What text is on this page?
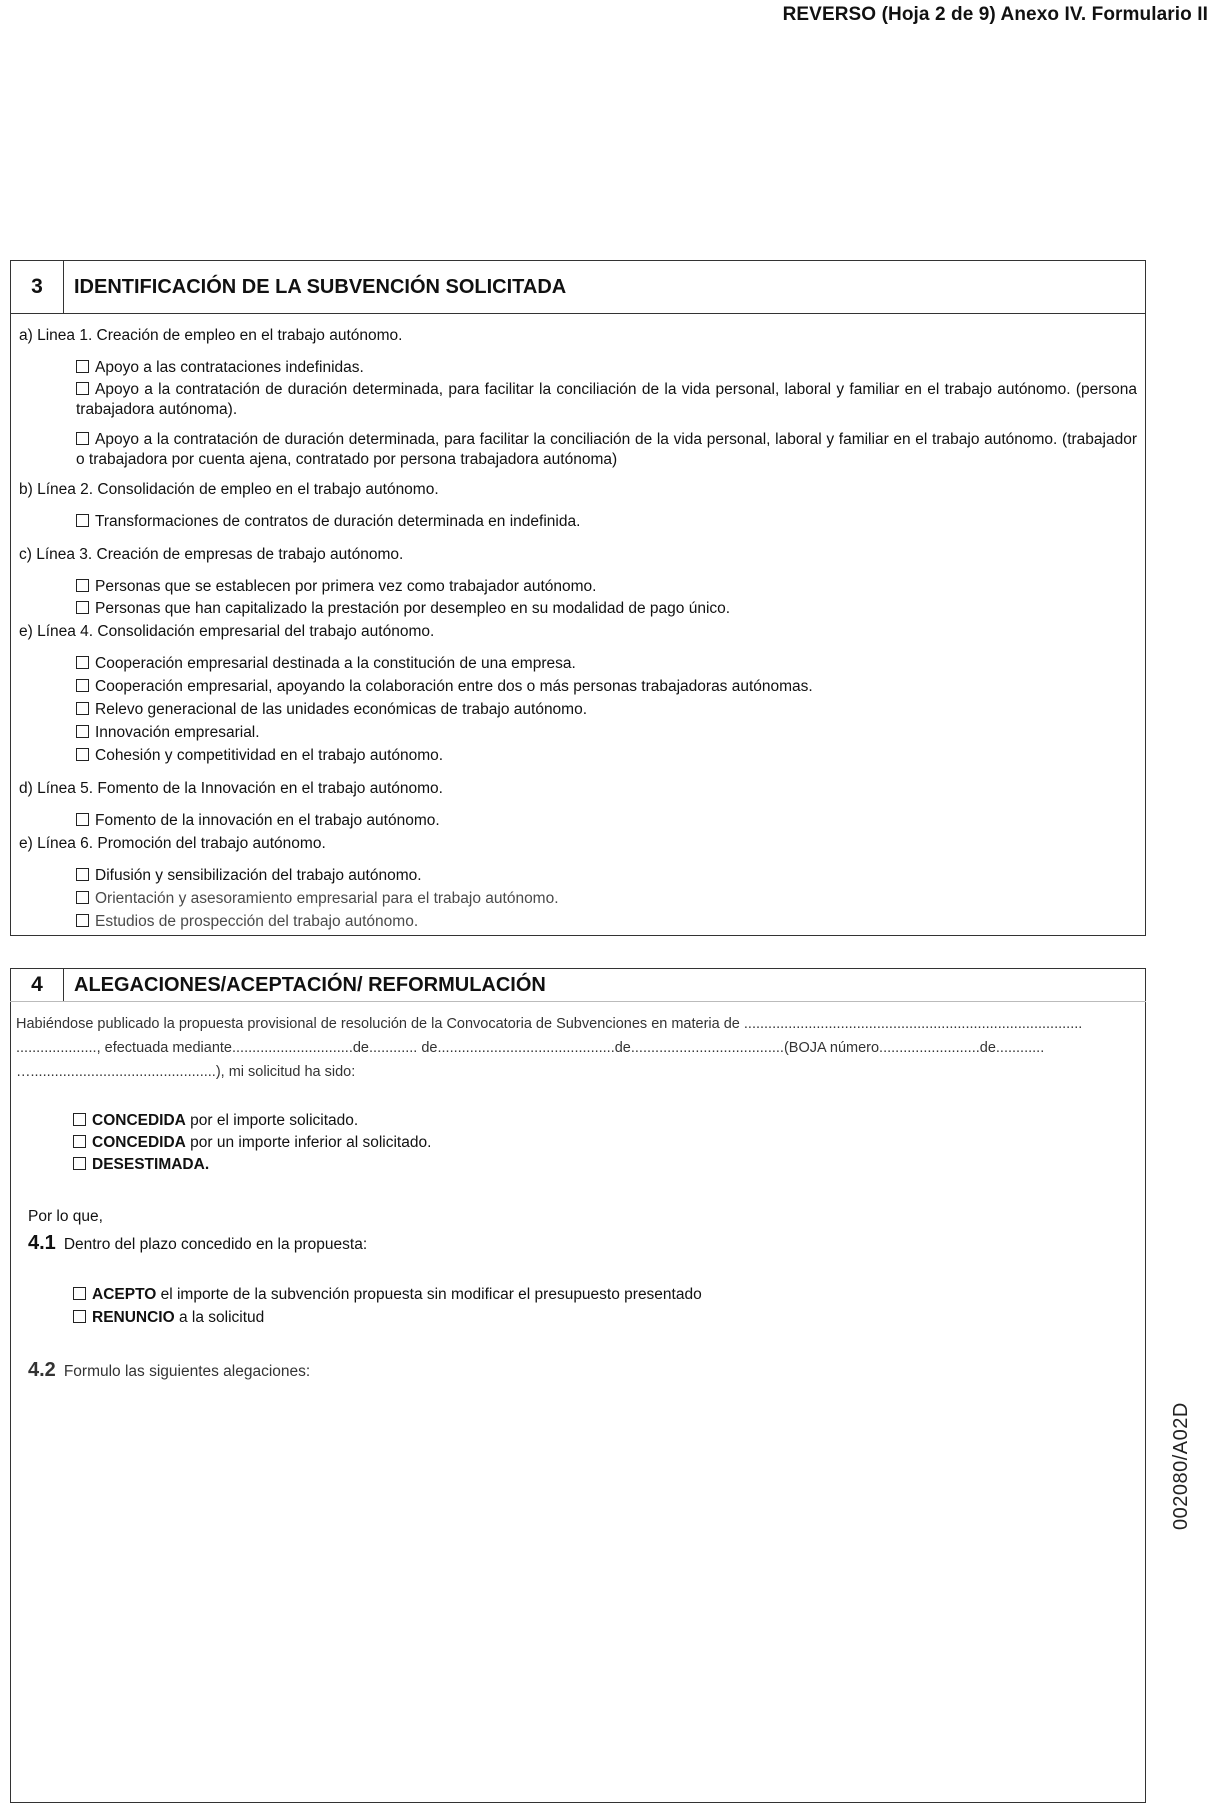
REVERSO (Hoja 2 de 9) Anexo IV. Formulario II
3	IDENTIFICACIÓN DE LA SUBVENCIÓN SOLICITADA
a) Linea 1. Creación de empleo en el trabajo autónomo.
Apoyo a las contrataciones indefinidas.
Apoyo a la contratación de duración determinada, para facilitar la conciliación de la vida personal, laboral y familiar en el trabajo autónomo. (persona trabajadora autónoma).
Apoyo a la contratación de duración determinada, para facilitar la conciliación de la vida personal, laboral y familiar en el trabajo autónomo. (trabajador o trabajadora por cuenta ajena, contratado por persona trabajadora autónoma)
b) Línea 2. Consolidación de empleo en el trabajo autónomo.
Transformaciones de contratos de duración determinada en indefinida.
c) Línea 3. Creación de empresas de trabajo autónomo.
Personas que se establecen por primera vez como trabajador autónomo.
Personas que han capitalizado la prestación por desempleo en su modalidad de pago único.
e) Línea 4. Consolidación empresarial del trabajo autónomo.
Cooperación empresarial destinada a la constitución de una empresa.
Cooperación empresarial, apoyando la colaboración entre dos o más personas trabajadoras autónomas.
Relevo generacional de las unidades económicas de trabajo autónomo.
Innovación empresarial.
Cohesión y competitividad en el trabajo autónomo.
d) Línea 5. Fomento de la Innovación en el trabajo autónomo.
Fomento de la innovación en el trabajo autónomo.
e) Línea 6. Promoción del trabajo autónomo.
Difusión y sensibilización del trabajo autónomo.
Orientación y asesoramiento empresarial para el trabajo autónomo.
Estudios de prospección del trabajo autónomo.
4	ALEGACIONES/ACEPTACIÓN/ REFORMULACIÓN
Habiéndose publicado la propuesta provisional de resolución de la Convocatoria de Subvenciones en materia de ....................................................................................
...................., efectuada mediante..............................de............ de............................................de......................................(BOJA número.........................de............
…..............................................), mi solicitud ha sido:
CONCEDIDA por el importe solicitado.
CONCEDIDA por un importe inferior al solicitado.
DESESTIMADA.
Por lo que,
4.1 Dentro del plazo concedido en la propuesta:
ACEPTO el importe de la subvención propuesta sin modificar el presupuesto presentado
RENUNCIO a la solicitud
4.2 Formulo las siguientes alegaciones:
002080/A02D
